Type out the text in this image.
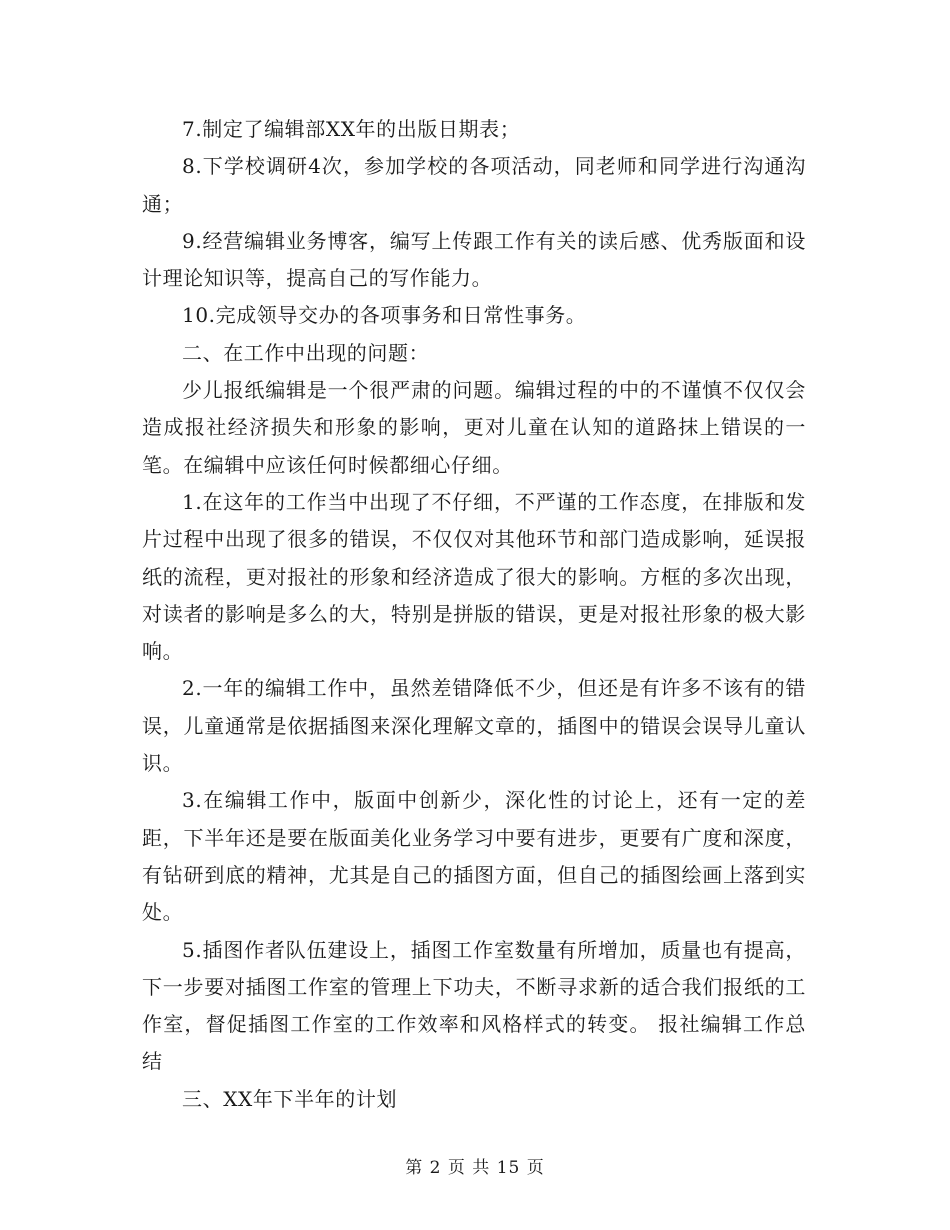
7.制定了编辑部XX年的出版日期表；

8.下学校调研4次，参加学校的各项活动，同老师和同学进行沟通沟通；

9.经营编辑业务博客，编写上传跟工作有关的读后感、优秀版面和设计理论知识等，提高自己的写作能力。

10.完成领导交办的各项事务和日常性事务。

二、在工作中出现的问题：

少儿报纸编辑是一个很严肃的问题。编辑过程的中的不谨慎不仅仅会造成报社经济损失和形象的影响，更对儿童在认知的道路抹上错误的一笔。在编辑中应该任何时候都细心仔细。

1.在这年的工作当中出现了不仔细，不严谨的工作态度，在排版和发片过程中出现了很多的错误，不仅仅对其他环节和部门造成影响，延误报纸的流程，更对报社的形象和经济造成了很大的影响。方框的多次出现，对读者的影响是多么的大，特别是拼版的错误，更是对报社形象的极大影响。

2.一年的编辑工作中，虽然差错降低不少，但还是有许多不该有的错误，儿童通常是依据插图来深化理解文章的，插图中的错误会误导儿童认识。

3.在编辑工作中，版面中创新少，深化性的讨论上，还有一定的差距，下半年还是要在版面美化业务学习中要有进步，更要有广度和深度，有钻研到底的精神，尤其是自己的插图方面，但自己的插图绘画上落到实处。

5.插图作者队伍建设上，插图工作室数量有所增加，质量也有提高，下一步要对插图工作室的管理上下功夫，不断寻求新的适合我们报纸的工作室，督促插图工作室的工作效率和风格样式的转变。 报社编辑工作总结

三、XX年下半年的计划

第 2 页 共 15 页
